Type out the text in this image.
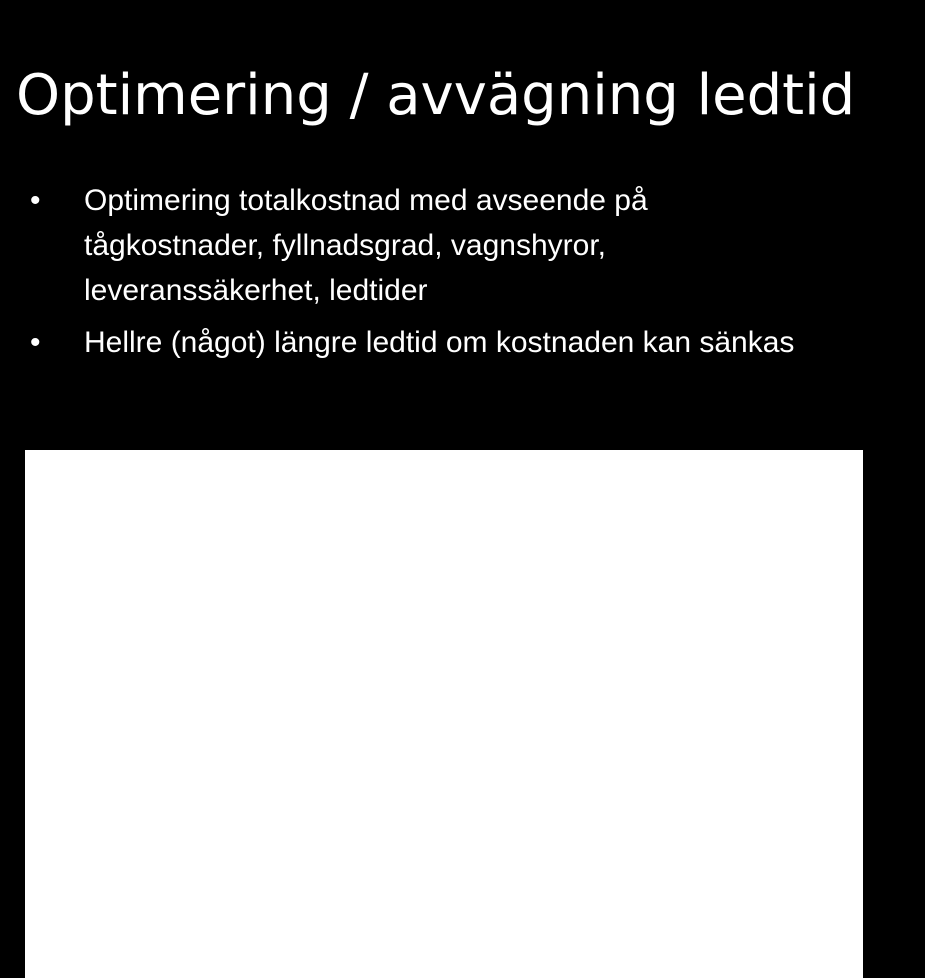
Optimering / avvägning ledtid
•	Optimering totalkostnad med avseende på tågkostnader, fyllnadsgrad, vagnshyror, leveranssäkerhet, ledtider
•	Hellre (något) längre ledtid om kostnaden kan sänkas
